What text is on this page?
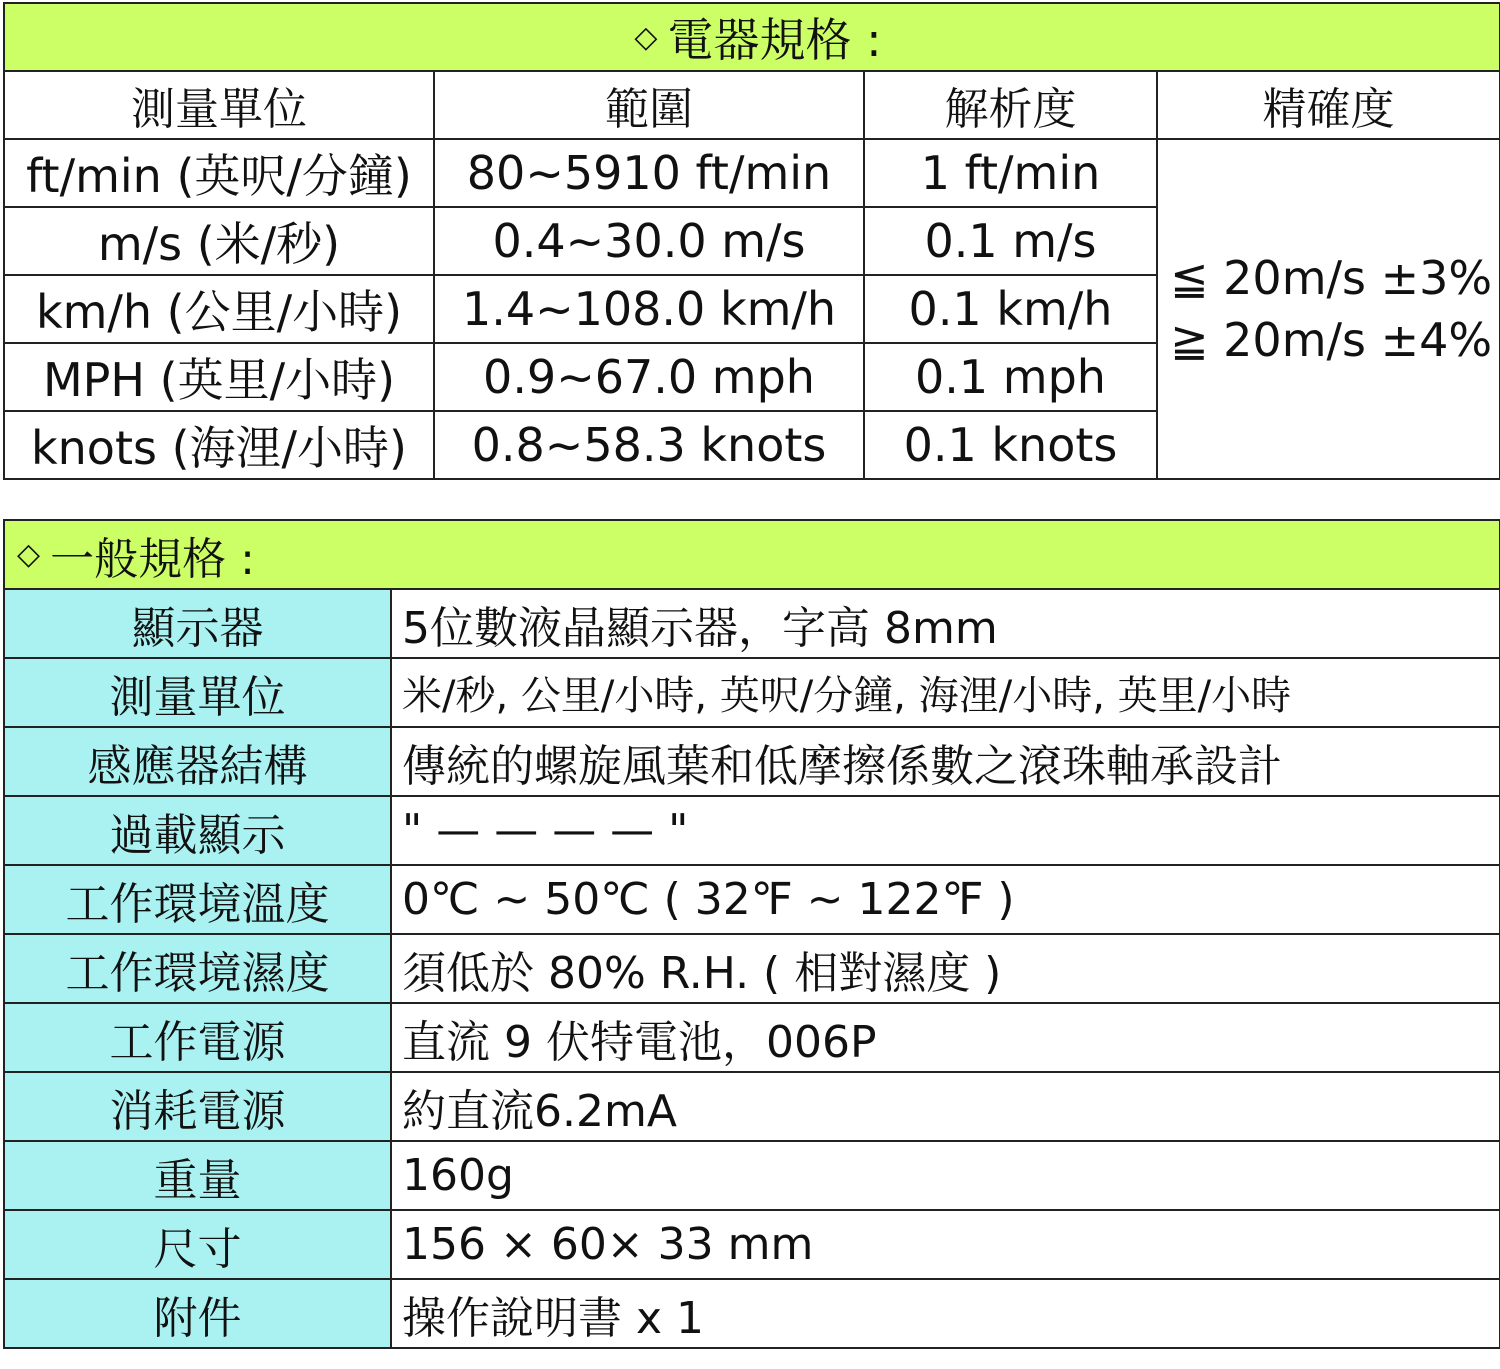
◇ 電器規格 :			
測量單位	範圍	解析度	精確度
ft/min (英呎/分鐘)	80~5910 ft/min	1 ft/min	≦ 20m/s ±3%
≧ 20m/s ±4%

m/s (米/秒)	0.4~30.0 m/s	0.1 m/s	
km/h (公里/小時)	1.4~108.0 km/h	0.1 km/h	
MPH (英里/小時)	0.9~67.0 mph	0.1 mph	
knots (海浬/小時)	0.8~58.3 knots	0.1 knots	
◇ 一般規格 :	
顯示器	5位數液晶顯示器，字高 8mm
測量單位	米/秒, 公里/小時, 英呎/分鐘, 海浬/小時, 英里/小時
感應器結構	傳統的螺旋風葉和低摩擦係數之滾珠軸承設計
過載顯示	" — — — — "
工作環境溫度	0℃ ~ 50℃ ( 32℉ ~ 122℉ )
工作環境濕度	須低於 80% R.H. ( 相對濕度 )
工作電源	直流 9 伏特電池，006P
消耗電源	約直流6.2mA
重量	160g
尺寸	156 × 60× 33 mm
附件	操作說明書 x 1
